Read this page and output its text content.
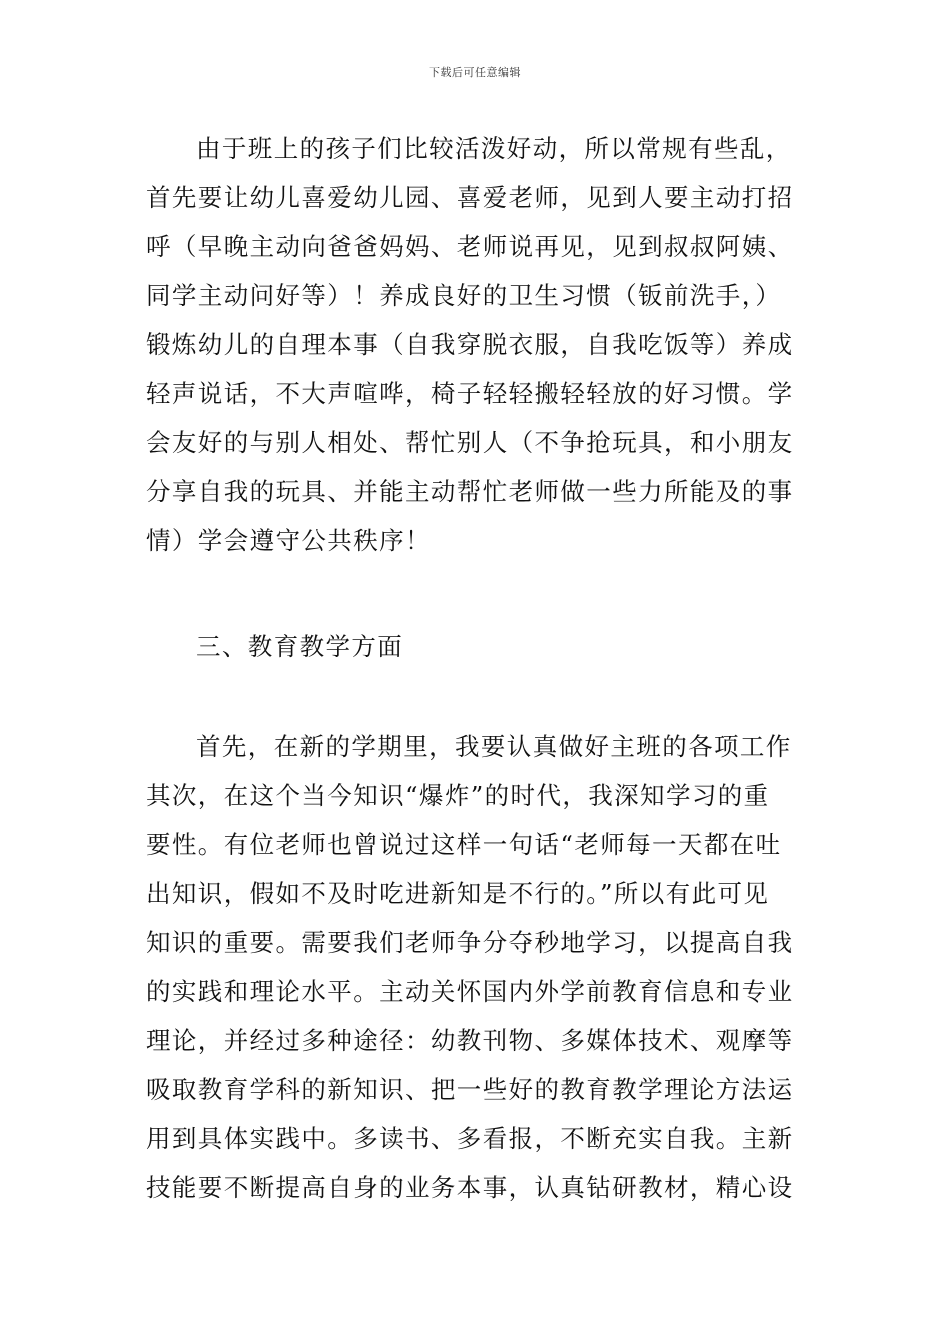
下载后可任意编辑
由于班上的孩子们比较活泼好动，所以常规有些乱，
首先要让幼儿喜爱幼儿园、喜爱老师，见到人要主动打招
呼（早晚主动向爸爸妈妈、老师说再见，见到叔叔阿姨、
同学主动问好等）！养成良好的卫生习惯（钣前洗手，）
锻炼幼儿的自理本事（自我穿脱衣服，自我吃饭等）养成
轻声说话，不大声喧哗，椅子轻轻搬轻轻放的好习惯。学
会友好的与别人相处、帮忙别人（不争抢玩具，和小朋友
分享自我的玩具、并能主动帮忙老师做一些力所能及的事
情）学会遵守公共秩序！
三、教育教学方面
首先，在新的学期里，我要认真做好主班的各项工作
其次，在这个当今知识“爆炸”的时代，我深知学习的重
要性。有位老师也曾说过这样一句话“老师每一天都在吐
出知识，假如不及时吃进新知是不行的。”所以有此可见
知识的重要。需要我们老师争分夺秒地学习，以提高自我
的实践和理论水平。主动关怀国内外学前教育信息和专业
理论，并经过多种途径：幼教刊物、多媒体技术、观摩等
吸取教育学科的新知识、把一些好的教育教学理论方法运
用到具体实践中。多读书、多看报，不断充实自我。主新
技能要不断提高自身的业务本事，认真钻研教材，精心设
